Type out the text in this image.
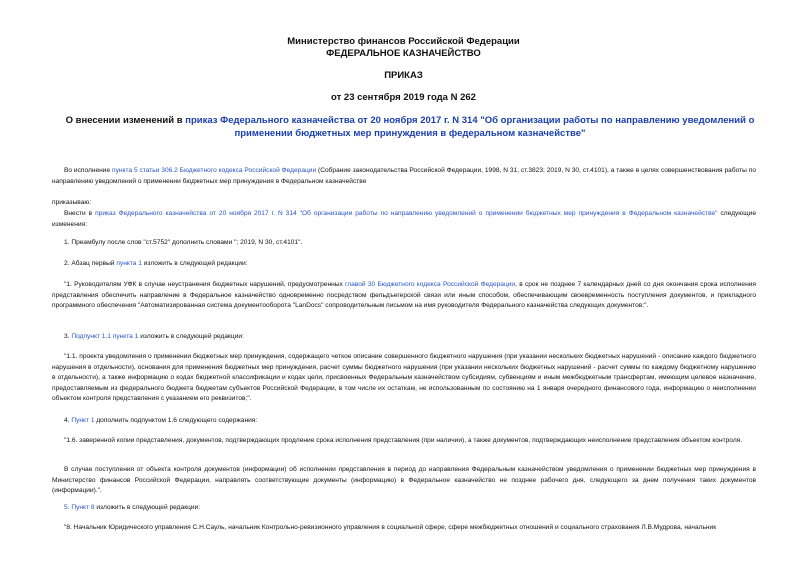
Министерство финансов Российской Федерации
ФЕДЕРАЛЬНОЕ КАЗНАЧЕЙСТВО
ПРИКАЗ
от 23 сентября 2019 года N 262
О внесении изменений в приказ Федерального казначейства от 20 ноября 2017 г. N 314 "Об организации работы по направлению уведомлений о применении бюджетных мер принуждения в федеральном казначействе"
Во исполнение пункта 5 статьи 306.2 Бюджетного кодекса Российской Федерации (Собрание законодательства Российской Федерации, 1998, N 31, ст.3823; 2019, N 30, ст.4101), а также в целях совершенствования работы по направлению уведомлений о применении бюджетных мер принуждения в Федеральном казначействе
приказываю:
Внести в приказ Федерального казначейства от 20 ноября 2017 г. N 314 "Об организации работы по направлению уведомлений о применении бюджетных мер принуждения в Федеральном казначействе" следующие изменения:
1. Преамбулу после слов "ст.5752" дополнить словами "; 2019, N 30, ст.4101".
2. Абзац первый пункта 1 изложить в следующей редакции:
"1. Руководителям УФК в случае неустранения бюджетных нарушений, предусмотренных главой 30 Бюджетного кодекса Российской Федерации, в срок не позднее 7 календарных дней со дня окончания срока исполнения представления обеспечить направление в Федеральное казначейство одновременно посредством фельдъегерской связи или иным способом, обеспечивающим своевременность поступления документов, и прикладного программного обеспечения "Автоматизированная система документооборота "LanDocs" сопроводительным письмом на имя руководителя Федерального казначейства следующих документов:".
3. Подпункт 1.1 пункта 1 изложить в следующей редакции:
"1.1. проекта уведомления о применении бюджетных мер принуждения, содержащего четкое описание совершенного бюджетного нарушения (при указании нескольких бюджетных нарушений - описание каждого бюджетного нарушения в отдельности), основания для применения бюджетных мер принуждения, расчет суммы бюджетного нарушения (при указании нескольких бюджетных нарушений - расчет суммы по каждому бюджетному нарушению в отдельности), а также информацию о кодах бюджетной классификации и кодах цели, присвоенных Федеральным казначейством субсидиям, субвенциям и иным межбюджетным трансфертам, имеющим целевое назначение, предоставляемым из федерального бюджета бюджетам субъектов Российской Федерации, в том числе их остаткам, не использованным по состоянию на 1 января очередного финансового года, информацию о неисполнении объектом контроля представления с указанием его реквизитов;".
4. Пункт 1 дополнить подпунктом 1.6 следующего содержания:
"1.6. заверенной копии представления, документов, подтверждающих продление срока исполнения представления (при наличии), а также документов, подтверждающих неисполнение представления объектом контроля.
В случае поступления от объекта контроля документов (информации) об исполнении представления в период до направления Федеральным казначейством уведомления о применении бюджетных мер принуждения в Министерство финансов Российской Федерации, направлять соответствующие документы (информацию) в Федеральное казначейство не позднее рабочего дня, следующего за днем получения таких документов (информации).".
5. Пункт 8 изложить в следующей редакции:
"8. Начальник Юридического управления С.Н.Сауль, начальник Контрольно-ревизионного управления в социальной сфере, сфере межбюджетных отношений и социального страхования Л.В.Мудрова, начальник
